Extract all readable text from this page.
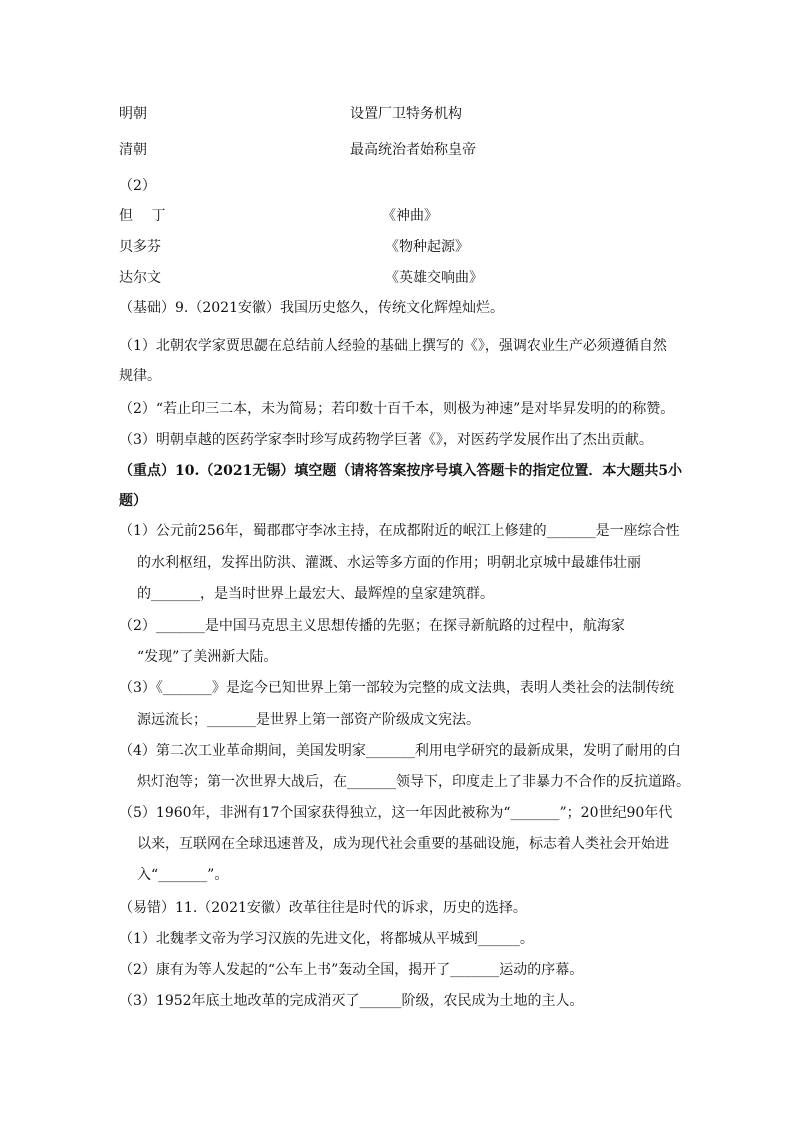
明朝	设置厂卫特务机构
清朝	最高统治者始称皇帝
（2）
但　 丁	《神曲》
贝多芬	《物种起源》
达尔文	《英雄交响曲》
（基础）9.（2021安徽）我国历史悠久，传统文化辉煌灿烂。
（1）北朝农学家贾思勰在总结前人经验的基础上撰写的《》，强调农业生产必须遵循自然
规律。
（2）“若止印三二本，未为简易；若印数十百千本，则极为神速”是对毕昇发明的的称赞。
（3）明朝卓越的医药学家李时珍写成药物学巨著《》，对医药学发展作出了杰出贡献。
（重点）10.（2021无锡）填空题（请将答案按序号填入答题卡的指定位置．本大题共5小
题）
（1）公元前256年，蜀郡郡守李冰主持，在成都附近的岷江上修建的_______是一座综合性
的水利枢纽，发挥出防洪、灌溉、水运等多方面的作用；明朝北京城中最雄伟壮丽
的_______，是当时世界上最宏大、最辉煌的皇家建筑群。
（2）_______是中国马克思主义思想传播的先驱；在探寻新航路的过程中，航海家
“发现”了美洲新大陆。
（3）《_______》是迄今已知世界上第一部较为完整的成文法典，表明人类社会的法制传统
源远流长；_______是世界上第一部资产阶级成文宪法。
（4）第二次工业革命期间，美国发明家_______利用电学研究的最新成果，发明了耐用的白
炽灯泡等；第一次世界大战后，在_______领导下，印度走上了非暴力不合作的反抗道路。
（5）1960年，非洲有17个国家获得独立，这一年因此被称为“_______”；20世纪90年代
以来，互联网在全球迅速普及，成为现代社会重要的基础设施，标志着人类社会开始进
入“_______”。
（易错）11.（2021安徽）改革往往是时代的诉求，历史的选择。
（1）北魏孝文帝为学习汉族的先进文化，将都城从平城到______。
（2）康有为等人发起的“公车上书”轰动全国，揭开了_______运动的序幕。
（3）1952年底土地改革的完成消灭了______阶级，农民成为土地的主人。
